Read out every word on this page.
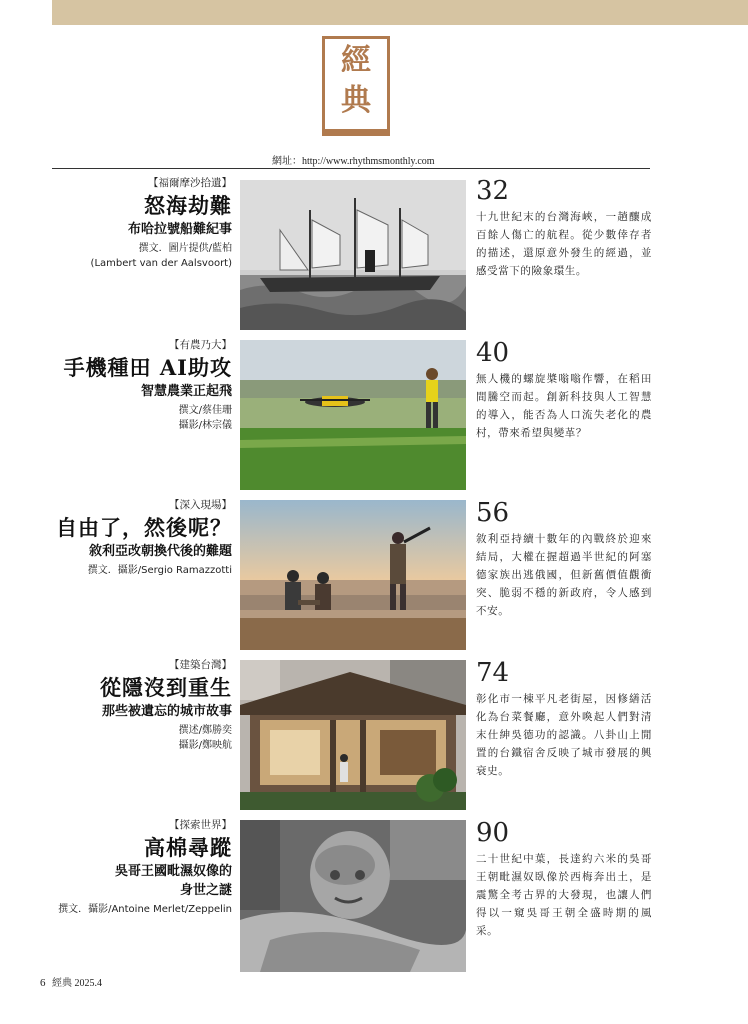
經
典
網址：http://www.rhythmsmonthly.com
【福爾摩沙拾遺】
怒海劫難
布哈拉號船難紀事
撰文．圖片提供/藍柏
(Lambert van der Aalsvoort)
32
十九世紀末的台灣海峽，一趟釀成百餘人傷亡的航程。從少數倖存者的描述，還原意外發生的經過，並感受當下的險象環生。
【有農乃大】
手機種田 AI助攻
智慧農業正起飛
撰文/蔡佳珊
攝影/林宗儀
40
無人機的螺旋槳嗡嗡作響，在稻田間騰空而起。創新科技與人工智慧的導入，能否為人口流失老化的農村，帶來希望與變革？
【深入現場】
自由了，然後呢？
敘利亞改朝換代後的難題
撰文．攝影/Sergio Ramazzotti
56
敘利亞持續十數年的內戰終於迎來結局，大權在握超過半世紀的阿塞德家族出逃俄國，但新舊價值觀衝突、脆弱不穩的新政府，令人感到不安。
【建築台灣】
從隱沒到重生
那些被遺忘的城市故事
撰述/鄭勝奕
攝影/鄭映航
74
彰化市一棟平凡老街屋，因修繕活化為台菜餐廳，意外喚起人們對清末仕紳吳德功的認識。八卦山上閒置的台鐵宿舍反映了城市發展的興衰史。
【探索世界】
高棉尋蹤
吳哥王國毗濕奴像的
身世之謎
撰文．攝影/Antoine Merlet/Zeppelin
90
二十世紀中葉，長達約六米的吳哥王朝毗濕奴臥像於西梅奔出土，是震驚全考古界的大發現，也讓人們得以一窺吳哥王朝全盛時期的風采。
6 經典 2025.4
